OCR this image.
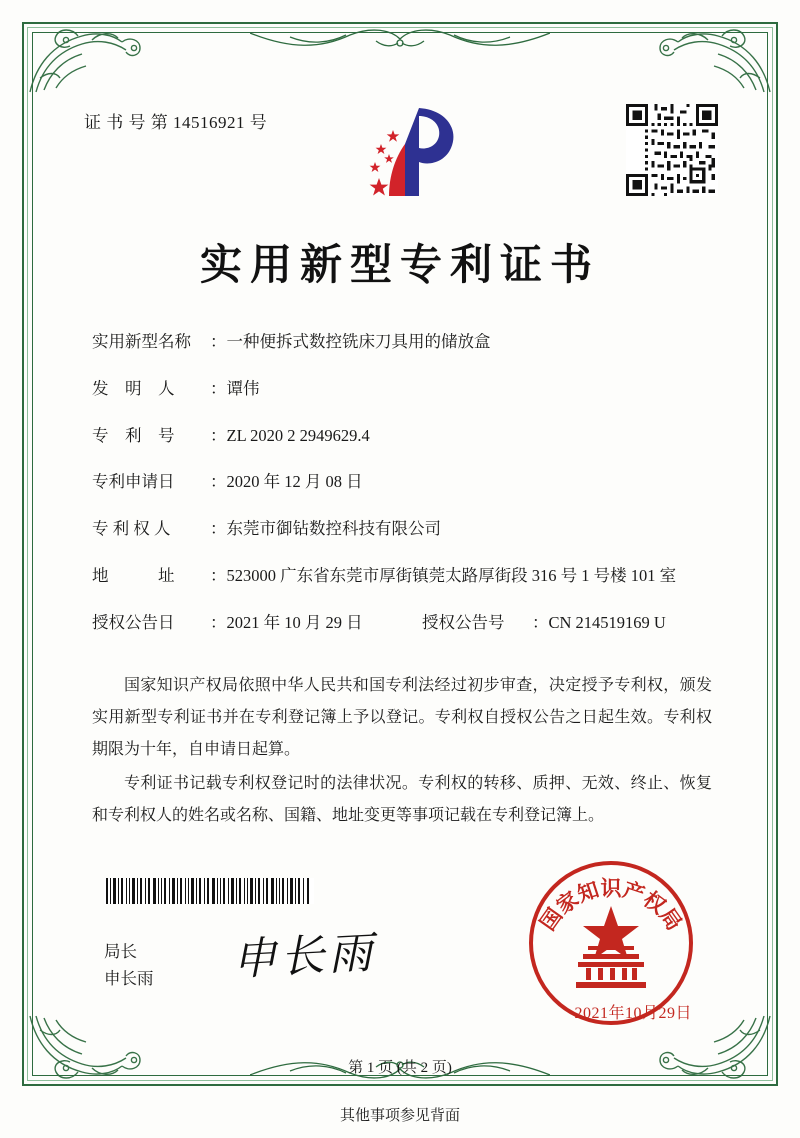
证 书 号 第 14516921 号
实用新型专利证书
实用新型名称	： 一种便拆式数控铣床刀具用的储放盒
发　明　人	： 谭伟
专　利　号	： ZL 2020 2 2949629.4
专利申请日	： 2020 年 12 月 08 日
专 利 权 人	： 东莞市御钻数控科技有限公司
地　　　址	： 523000 广东省东莞市厚街镇莞太路厚街段 316 号 1 号楼 101 室
授权公告日	： 2021 年 10 月 29 日	授权公告号	： CN 214519169 U

国家知识产权局依照中华人民共和国专利法经过初步审查，决定授予专利权，颁发实用新型专利证书并在专利登记簿上予以登记。专利权自授权公告之日起生效。专利权期限为十年，自申请日起算。

专利证书记载专利权登记时的法律状况。专利权的转移、质押、无效、终止、恢复和专利权人的姓名或名称、国籍、地址变更等事项记载在专利登记簿上。

局长
申长雨 申长雨
国家知识产权局
2021年10月29日
第 1 页 (共 2 页)
其他事项参见背面
